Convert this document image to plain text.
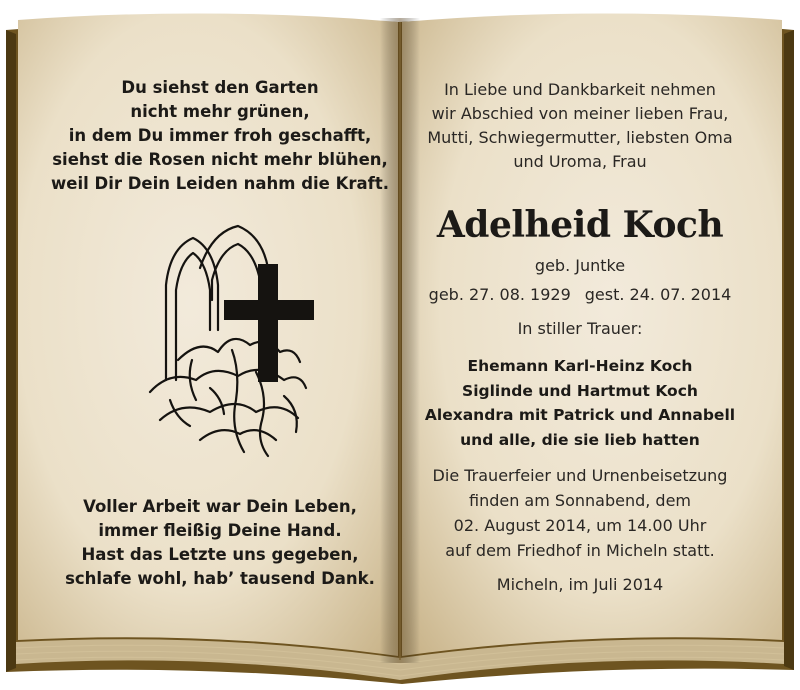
Du siehst den Garten
nicht mehr grünen,
in dem Du immer froh geschafft,
siehst die Rosen nicht mehr blühen,
weil Dir Dein Leiden nahm die Kraft.
Voller Arbeit war Dein Leben,
immer fleißig Deine Hand.
Hast das Letzte uns gegeben,
schlafe wohl, hab’ tausend Dank.
In Liebe und Dankbarkeit nehmen
wir Abschied von meiner lieben Frau,
Mutti, Schwiegermutter, liebsten Oma
und Uroma, Frau
Adelheid Koch
geb. Juntke
geb. 27. 08. 1929 gest. 24. 07. 2014
In stiller Trauer:
Ehemann Karl-Heinz Koch
Siglinde und Hartmut Koch
Alexandra mit Patrick und Annabell
und alle, die sie lieb hatten
Die Trauerfeier und Urnenbeisetzung
finden am Sonnabend, dem
02. August 2014, um 14.00 Uhr
auf dem Friedhof in Micheln statt.
Micheln, im Juli 2014
